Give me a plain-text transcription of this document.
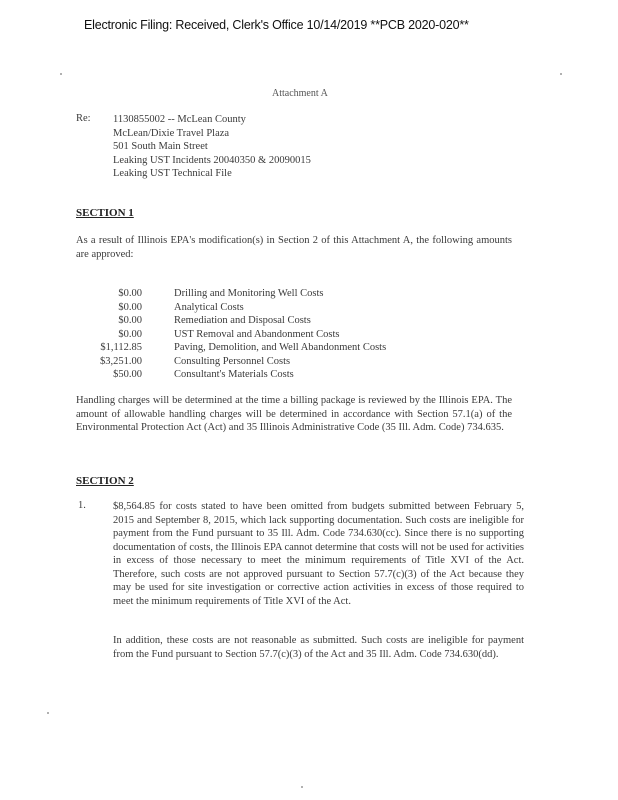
Electronic Filing: Received, Clerk's Office 10/14/2019 **PCB 2020-020**
Attachment A
Re: 1130855002 -- McLean County
McLean/Dixie Travel Plaza
501 South Main Street
Leaking UST Incidents 20040350 & 20090015
Leaking UST Technical File
SECTION 1
As a result of Illinois EPA's modification(s) in Section 2 of this Attachment A, the following amounts are approved:
$0.00	Drilling and Monitoring Well Costs
$0.00	Analytical Costs
$0.00	Remediation and Disposal Costs
$0.00	UST Removal and Abandonment Costs
$1,112.85	Paving, Demolition, and Well Abandonment Costs
$3,251.00	Consulting Personnel Costs
$50.00	Consultant's Materials Costs
Handling charges will be determined at the time a billing package is reviewed by the Illinois EPA. The amount of allowable handling charges will be determined in accordance with Section 57.1(a) of the Environmental Protection Act (Act) and 35 Illinois Administrative Code (35 Ill. Adm. Code) 734.635.
SECTION 2
1.	$8,564.85 for costs stated to have been omitted from budgets submitted between February 5, 2015 and September 8, 2015, which lack supporting documentation. Such costs are ineligible for payment from the Fund pursuant to 35 Ill. Adm. Code 734.630(cc). Since there is no supporting documentation of costs, the Illinois EPA cannot determine that costs will not be used for activities in excess of those necessary to meet the minimum requirements of Title XVI of the Act. Therefore, such costs are not approved pursuant to Section 57.7(c)(3) of the Act because they may be used for site investigation or corrective action activities in excess of those required to meet the minimum requirements of Title XVI of the Act.
In addition, these costs are not reasonable as submitted. Such costs are ineligible for payment from the Fund pursuant to Section 57.7(c)(3) of the Act and 35 Ill. Adm. Code 734.630(dd).
